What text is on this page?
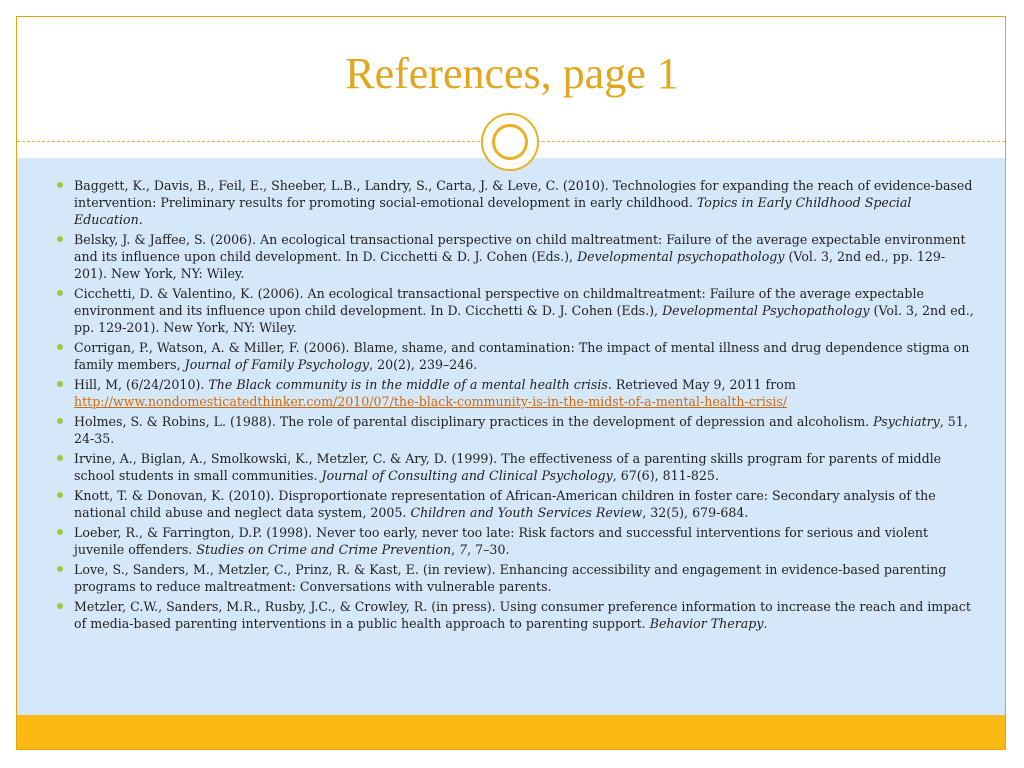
References, page 1
Baggett, K., Davis, B., Feil, E., Sheeber, L.B., Landry, S., Carta, J. & Leve, C. (2010). Technologies for expanding the reach of evidence-based intervention: Preliminary results for promoting social-emotional development in early childhood. Topics in Early Childhood Special Education.
Belsky, J. & Jaffee, S. (2006). An ecological transactional perspective on child maltreatment: Failure of the average expectable environment and its influence upon child development. In D. Cicchetti & D. J. Cohen (Eds.), Developmental psychopathology (Vol. 3, 2nd ed., pp. 129-201). New York, NY: Wiley.
Cicchetti, D. & Valentino, K. (2006). An ecological transactional perspective on childmaltreatment: Failure of the average expectable environment and its influence upon child development. In D. Cicchetti & D. J. Cohen (Eds.), Developmental Psychopathology (Vol. 3, 2nd ed., pp. 129-201). New York, NY: Wiley.
Corrigan, P., Watson, A. & Miller, F. (2006). Blame, shame, and contamination: The impact of mental illness and drug dependence stigma on family members, Journal of Family Psychology, 20(2), 239–246.
Hill, M, (6/24/2010). The Black community is in the middle of a mental health crisis. Retrieved May 9, 2011 from http://www.nondomesticatedthinker.com/2010/07/the-black-community-is-in-the-midst-of-a-mental-health-crisis/
Holmes, S. & Robins, L. (1988). The role of parental disciplinary practices in the development of depression and alcoholism. Psychiatry, 51, 24-35.
Irvine, A., Biglan, A., Smolkowski, K., Metzler, C. & Ary, D. (1999). The effectiveness of a parenting skills program for parents of middle school students in small communities. Journal of Consulting and Clinical Psychology, 67(6), 811-825.
Knott, T. & Donovan, K. (2010). Disproportionate representation of African-American children in foster care: Secondary analysis of the national child abuse and neglect data system, 2005. Children and Youth Services Review, 32(5), 679-684.
Loeber, R., & Farrington, D.P. (1998). Never too early, never too late: Risk factors and successful interventions for serious and violent juvenile offenders. Studies on Crime and Crime Prevention, 7, 7–30.
Love, S., Sanders, M., Metzler, C., Prinz, R. & Kast, E. (in review). Enhancing accessibility and engagement in evidence-based parenting programs to reduce maltreatment: Conversations with vulnerable parents.
Metzler, C.W., Sanders, M.R., Rusby, J.C., & Crowley, R. (in press). Using consumer preference information to increase the reach and impact of media-based parenting interventions in a public health approach to parenting support. Behavior Therapy.
